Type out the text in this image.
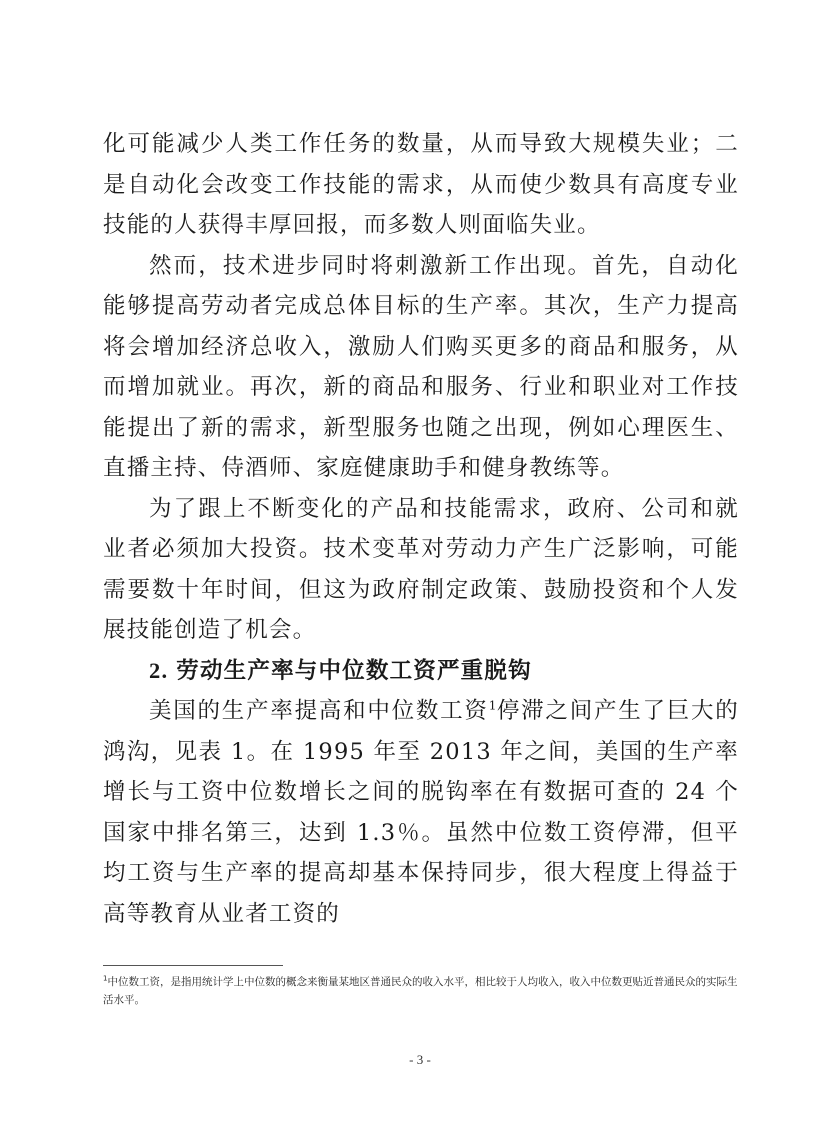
化可能减少人类工作任务的数量，从而导致大规模失业；二是自动化会改变工作技能的需求，从而使少数具有高度专业技能的人获得丰厚回报，而多数人则面临失业。

然而，技术进步同时将刺激新工作出现。首先，自动化能够提高劳动者完成总体目标的生产率。其次，生产力提高将会增加经济总收入，激励人们购买更多的商品和服务，从而增加就业。再次，新的商品和服务、行业和职业对工作技能提出了新的需求，新型服务也随之出现，例如心理医生、直播主持、侍酒师、家庭健康助手和健身教练等。

为了跟上不断变化的产品和技能需求，政府、公司和就业者必须加大投资。技术变革对劳动力产生广泛影响，可能需要数十年时间，但这为政府制定政策、鼓励投资和个人发展技能创造了机会。

2. 劳动生产率与中位数工资严重脱钩

美国的生产率提高和中位数工资$^1$停滞之间产生了巨大的鸿沟，见表 1。在 1995 年至 2013 年之间，美国的生产率增长与工资中位数增长之间的脱钩率在有数据可查的 24 个国家中排名第三，达到 1.3％。虽然中位数工资停滞，但平均工资与生产率的提高却基本保持同步，很大程度上得益于高等教育从业者工资的

$^1$中位数工资，是指用统计学上中位数的概念来衡量某地区普通民众的收入水平，相比较于人均收入，收入中位数更贴近普通民众的实际生活水平。

- 3 -
